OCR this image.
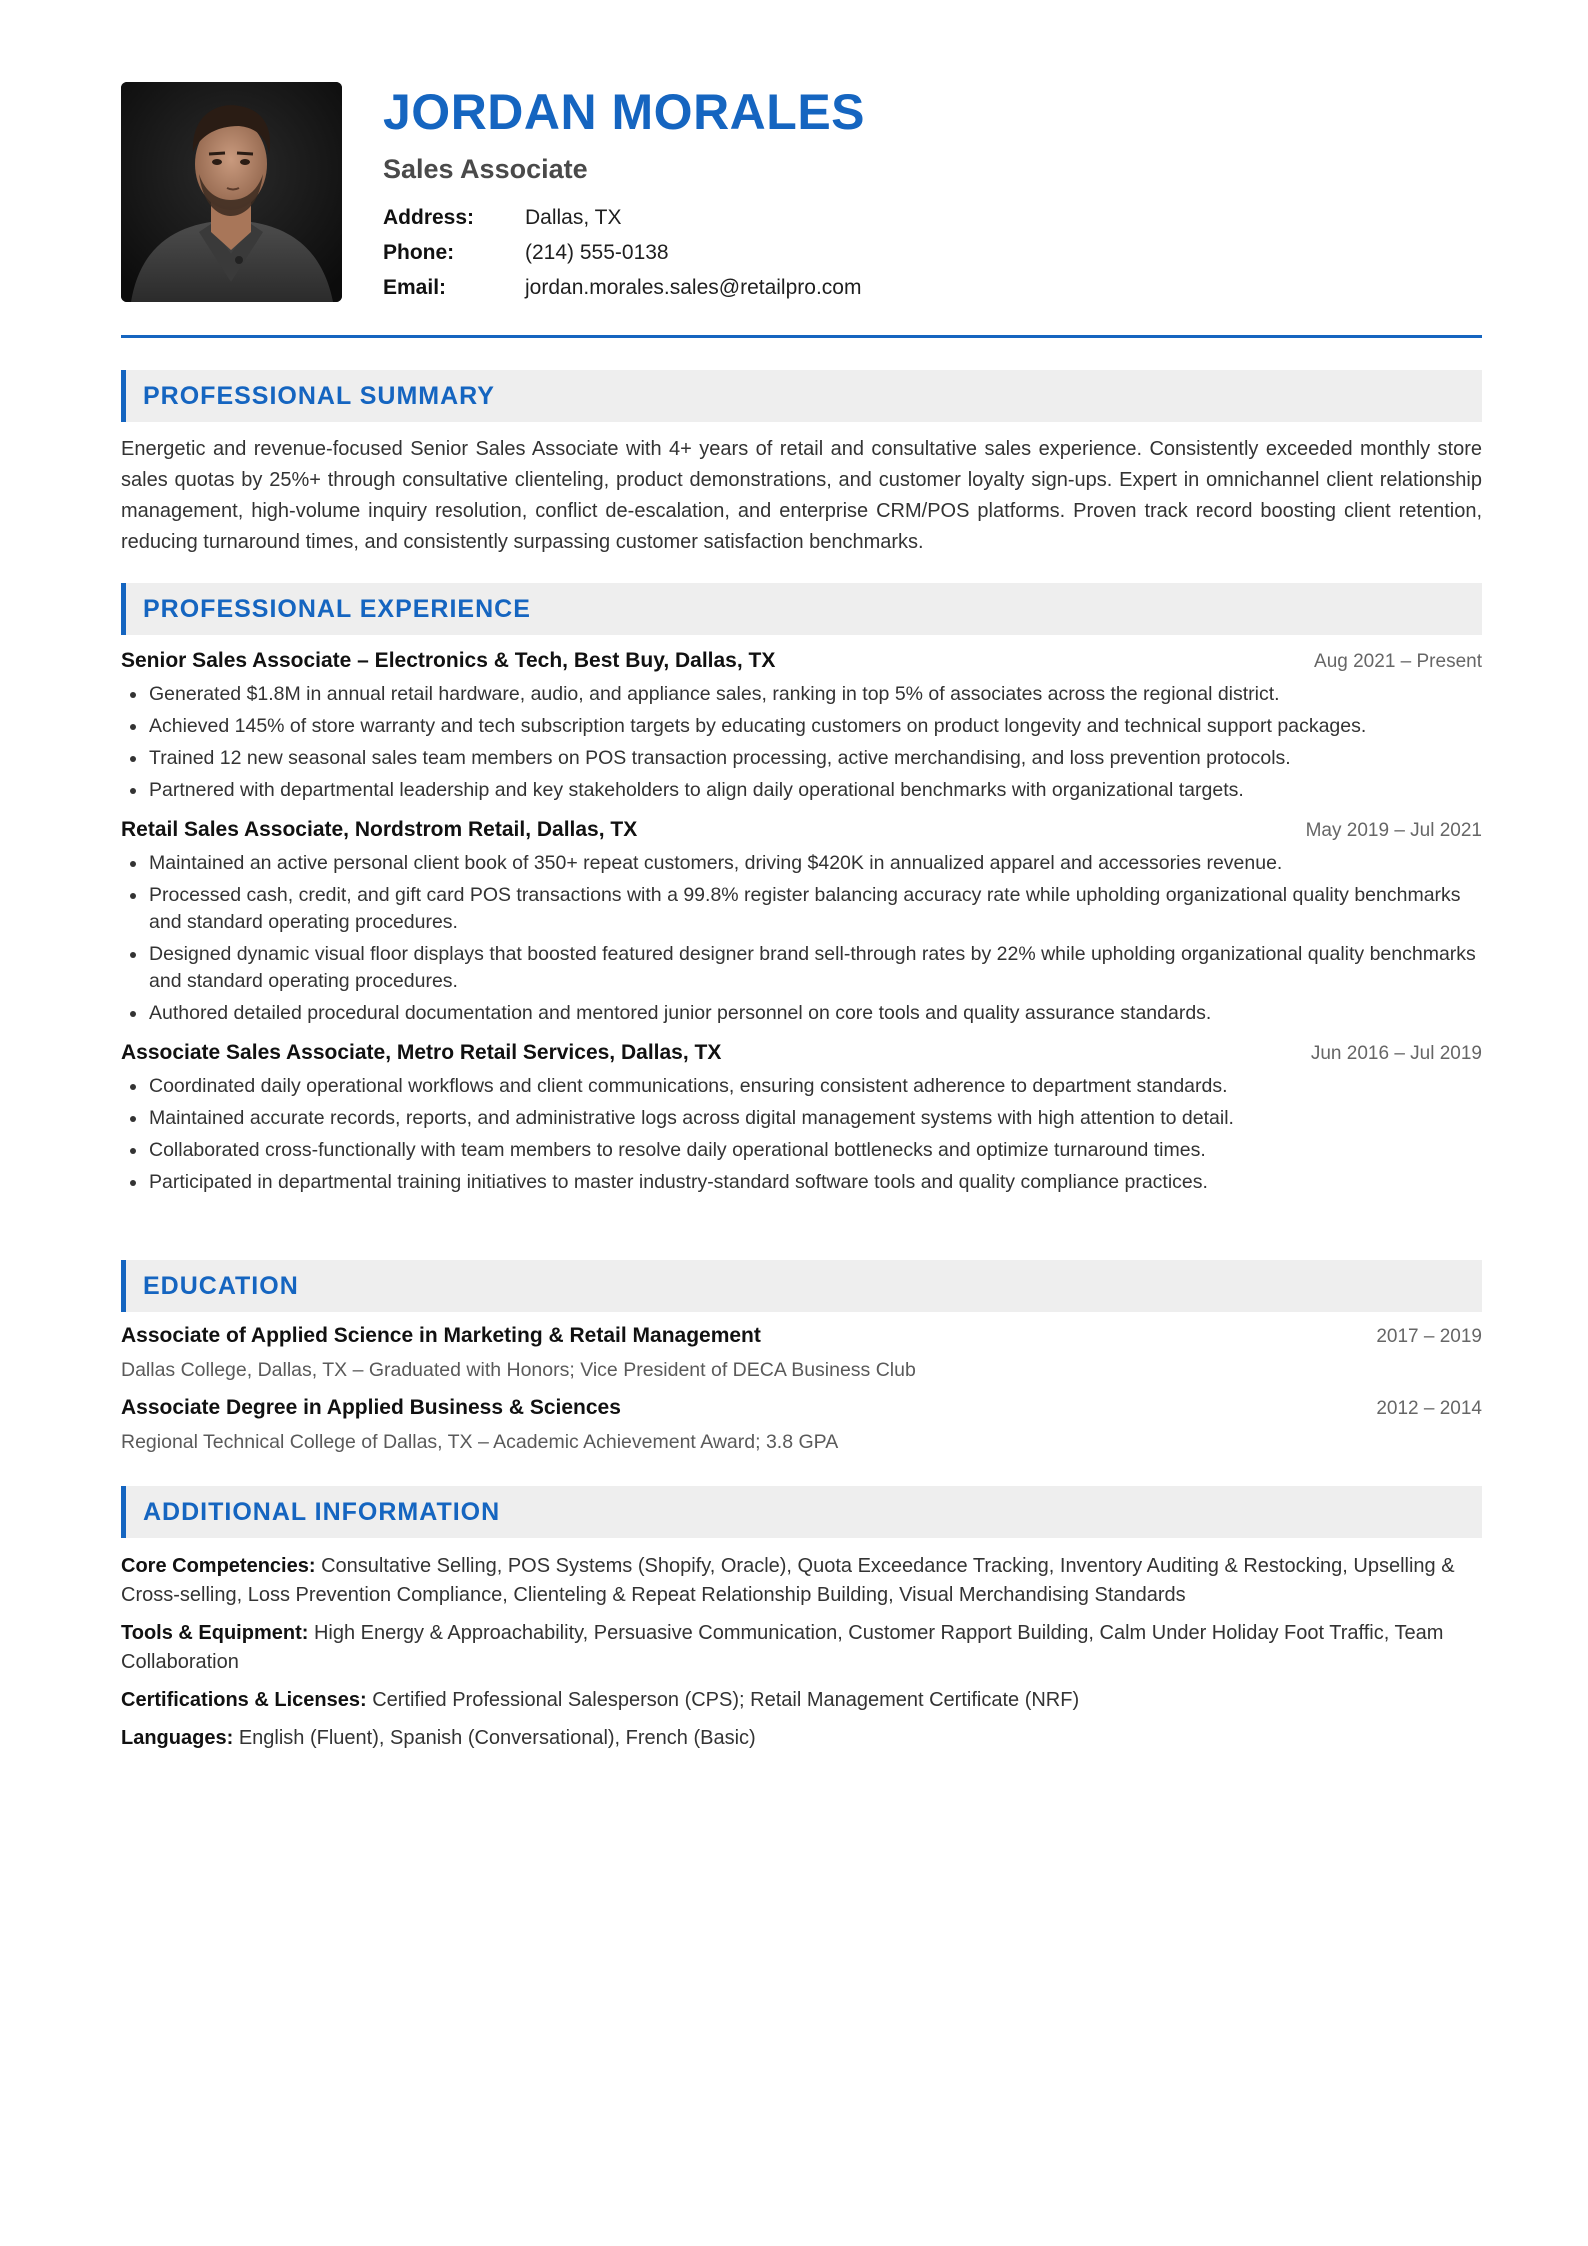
JORDAN MORALES
Sales Associate
Address:	Dallas, TX
Phone:	(214) 555-0138
Email:	jordan.morales.sales@retailpro.com
PROFESSIONAL SUMMARY

Energetic and revenue-focused Senior Sales Associate with 4+ years of retail and consultative sales experience. Consistently exceeded monthly store sales quotas by 25%+ through consultative clienteling, product demonstrations, and customer loyalty sign-ups. Expert in omnichannel client relationship management, high-volume inquiry resolution, conflict de-escalation, and enterprise CRM/POS platforms. Proven track record boosting client retention, reducing turnaround times, and consistently surpassing customer satisfaction benchmarks.

PROFESSIONAL EXPERIENCE
Senior Sales Associate – Electronics & Tech, Best Buy, Dallas, TX	Aug 2021 – Present
Generated $1.8M in annual retail hardware, audio, and appliance sales, ranking in top 5% of associates across the regional district.
Achieved 145% of store warranty and tech subscription targets by educating customers on product longevity and technical support packages.
Trained 12 new seasonal sales team members on POS transaction processing, active merchandising, and loss prevention protocols.
Partnered with departmental leadership and key stakeholders to align daily operational benchmarks with organizational targets.
Retail Sales Associate, Nordstrom Retail, Dallas, TX	May 2019 – Jul 2021
Maintained an active personal client book of 350+ repeat customers, driving $420K in annualized apparel and accessories revenue.
Processed cash, credit, and gift card POS transactions with a 99.8% register balancing accuracy rate while upholding organizational quality benchmarks and standard operating procedures.
Designed dynamic visual floor displays that boosted featured designer brand sell-through rates by 22% while upholding organizational quality benchmarks and standard operating procedures.
Authored detailed procedural documentation and mentored junior personnel on core tools and quality assurance standards.
Associate Sales Associate, Metro Retail Services, Dallas, TX	Jun 2016 – Jul 2019
Coordinated daily operational workflows and client communications, ensuring consistent adherence to department standards.
Maintained accurate records, reports, and administrative logs across digital management systems with high attention to detail.
Collaborated cross-functionally with team members to resolve daily operational bottlenecks and optimize turnaround times.
Participated in departmental training initiatives to master industry-standard software tools and quality compliance practices.
EDUCATION
Associate of Applied Science in Marketing & Retail Management	2017 – 2019
Dallas College, Dallas, TX – Graduated with Honors; Vice President of DECA Business Club
Associate Degree in Applied Business & Sciences	2012 – 2014
Regional Technical College of Dallas, TX – Academic Achievement Award; 3.8 GPA
ADDITIONAL INFORMATION

Core Competencies: Consultative Selling, POS Systems (Shopify, Oracle), Quota Exceedance Tracking, Inventory Auditing & Restocking, Upselling & Cross-selling, Loss Prevention Compliance, Clienteling & Repeat Relationship Building, Visual Merchandising Standards

Tools & Equipment: High Energy & Approachability, Persuasive Communication, Customer Rapport Building, Calm Under Holiday Foot Traffic, Team Collaboration

Certifications & Licenses: Certified Professional Salesperson (CPS); Retail Management Certificate (NRF)

Languages: English (Fluent), Spanish (Conversational), French (Basic)
